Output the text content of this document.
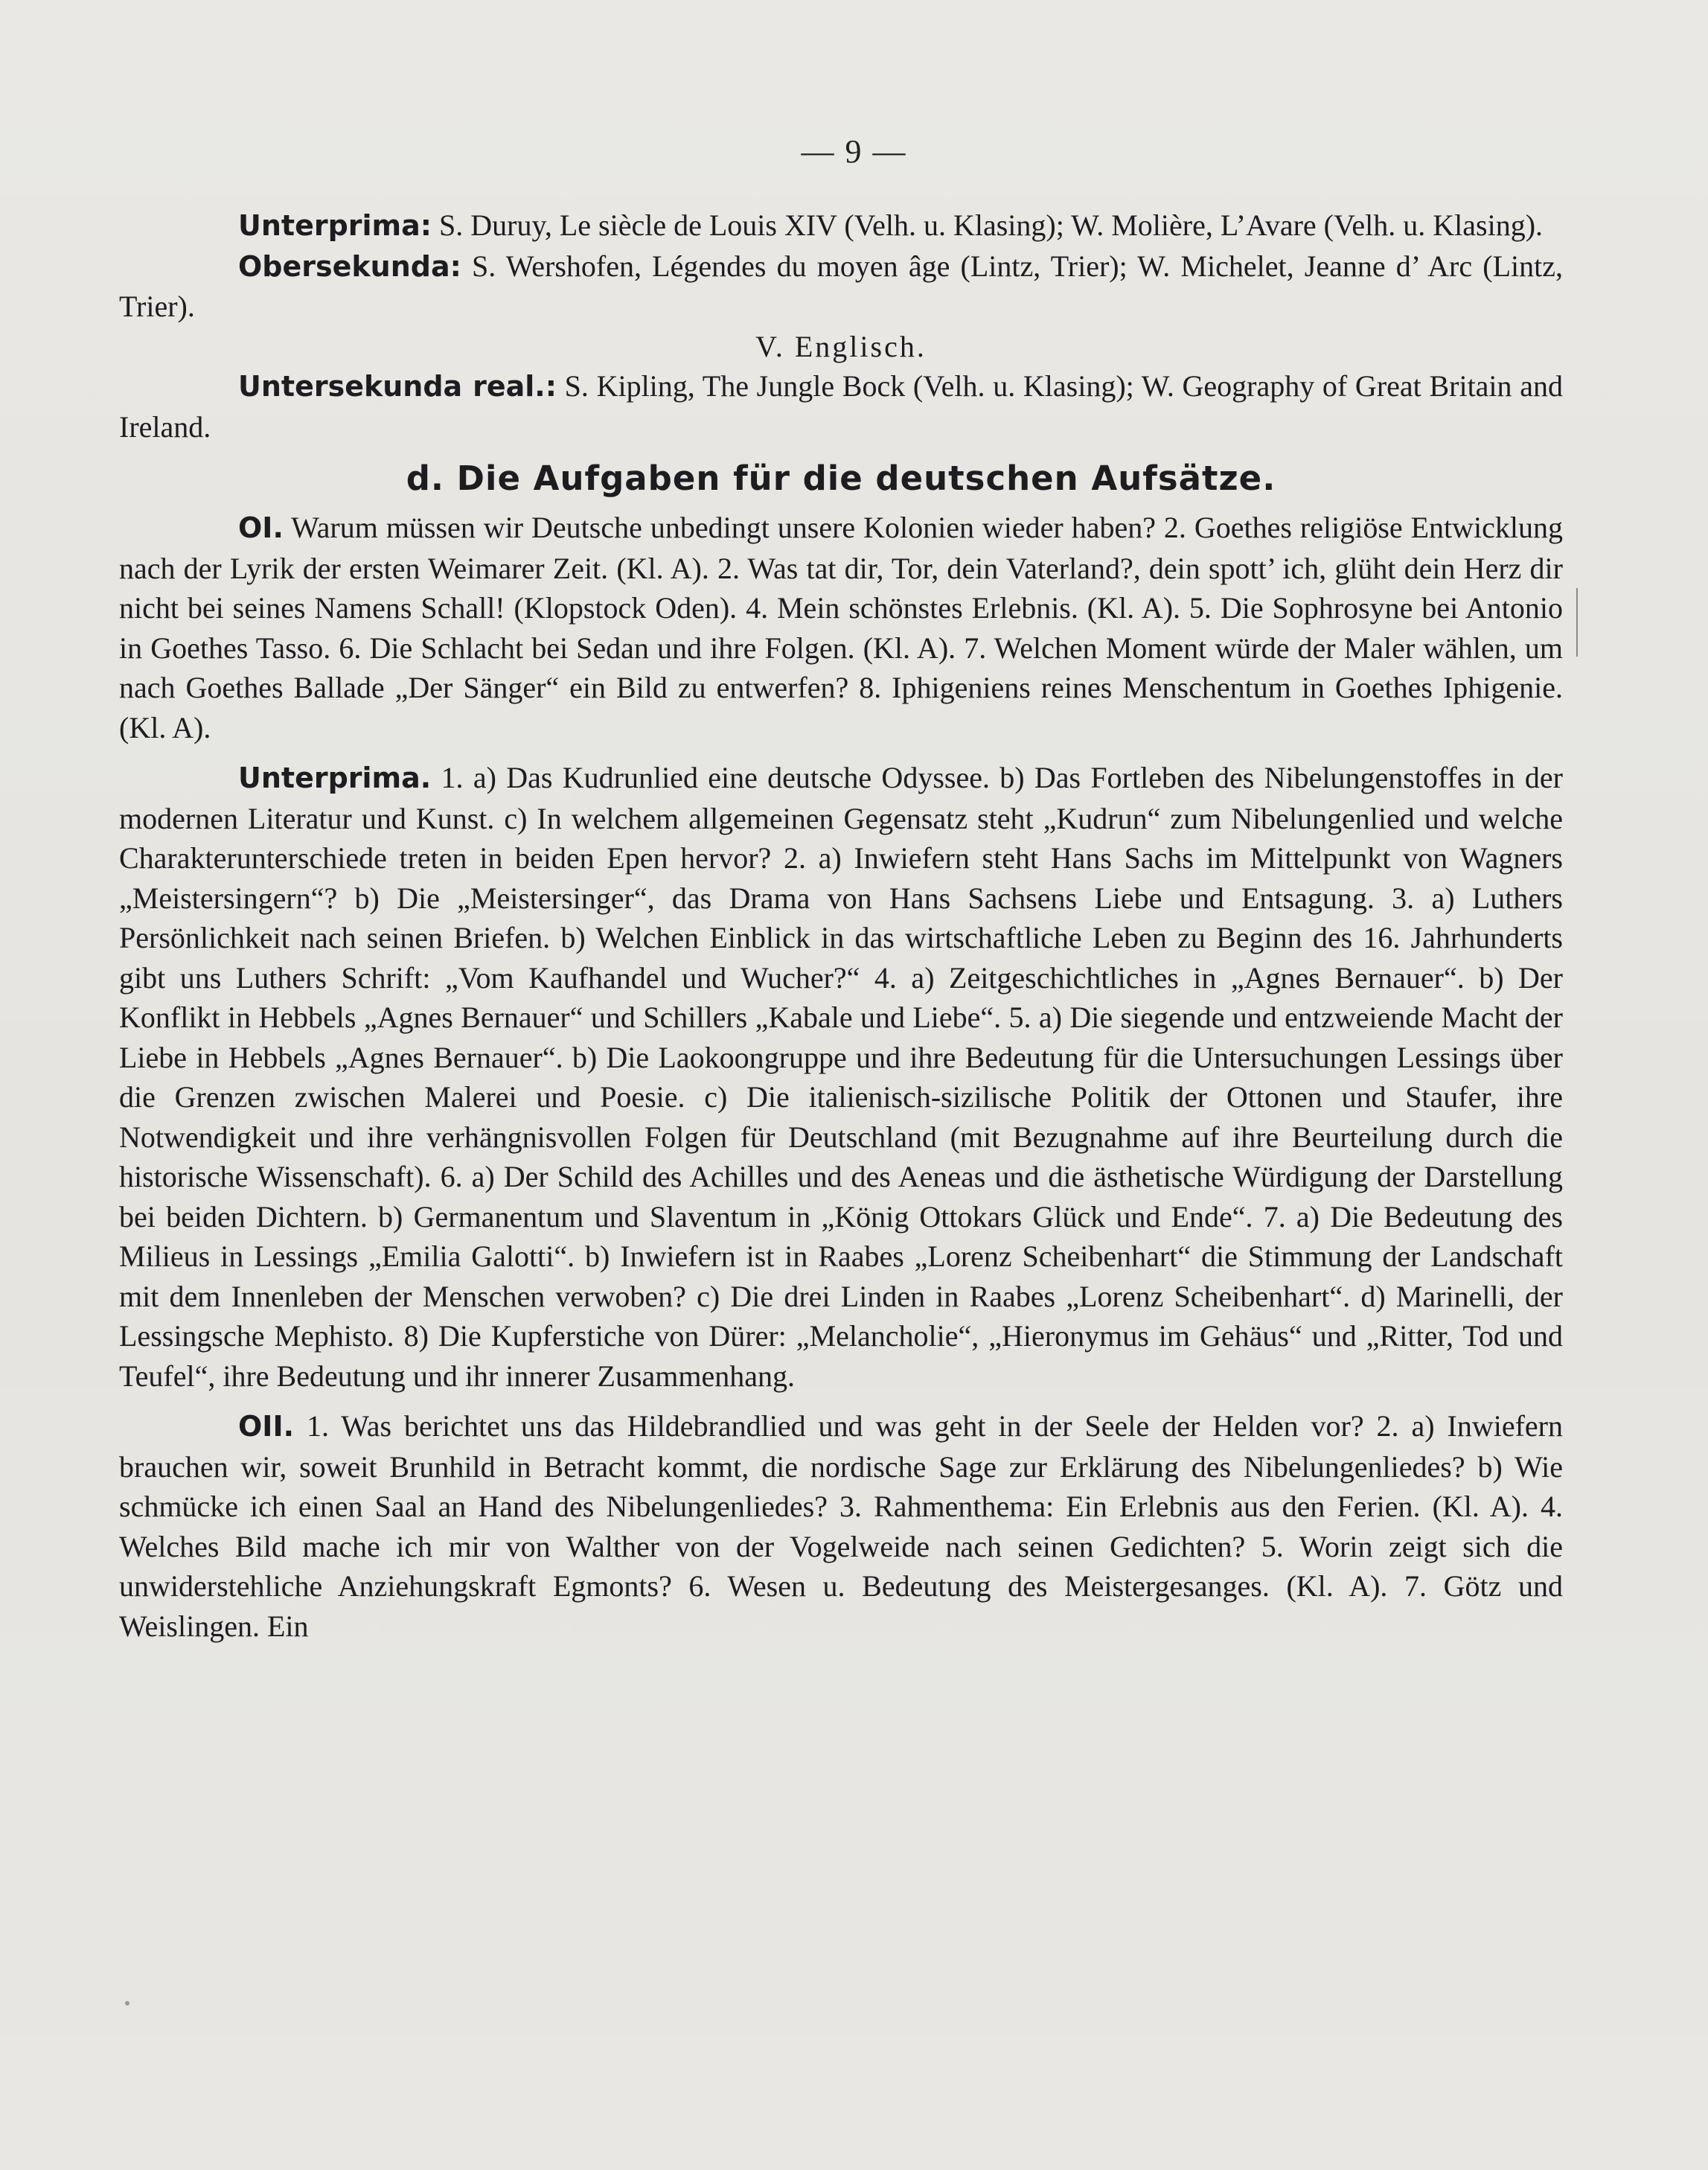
— 9 —

Unterprima: S. Duruy, Le siècle de Louis XIV (Velh. u. Klasing); W. Molière, L’Avare (Velh. u. Klasing).

Obersekunda: S. Wershofen, Légendes du moyen âge (Lintz, Trier); W. Michelet, Jeanne d’ Arc (Lintz, Trier).

V. Englisch.

Untersekunda real.: S. Kipling, The Jungle Bock (Velh. u. Klasing); W. Geography of Great Britain and Ireland.

d. Die Aufgaben für die deutschen Aufsätze.

OI. Warum müssen wir Deutsche unbedingt unsere Kolonien wieder haben? 2. Goethes religiöse Entwicklung nach der Lyrik der ersten Weimarer Zeit. (Kl. A). 2. Was tat dir, Tor, dein Vaterland?, dein spott’ ich, glüht dein Herz dir nicht bei seines Namens Schall! (Klopstock Oden). 4. Mein schönstes Erlebnis. (Kl. A). 5. Die Sophrosyne bei Antonio in Goethes Tasso. 6. Die Schlacht bei Sedan und ihre Folgen. (Kl. A). 7. Welchen Moment würde der Maler wählen, um nach Goethes Ballade „Der Sänger“ ein Bild zu entwerfen? 8. Iphigeniens reines Menschentum in Goethes Iphigenie. (Kl. A).

Unterprima. 1. a) Das Kudrunlied eine deutsche Odyssee. b) Das Fortleben des Nibelungenstoffes in der modernen Literatur und Kunst. c) In welchem allgemeinen Gegensatz steht „Kudrun“ zum Nibelungenlied und welche Charakterunterschiede treten in beiden Epen hervor? 2. a) Inwiefern steht Hans Sachs im Mittelpunkt von Wagners „Meistersingern“? b) Die „Meistersinger“, das Drama von Hans Sachsens Liebe und Entsagung. 3. a) Luthers Persönlichkeit nach seinen Briefen. b) Welchen Einblick in das wirtschaftliche Leben zu Beginn des 16. Jahrhunderts gibt uns Luthers Schrift: „Vom Kaufhandel und Wucher?“ 4. a) Zeitgeschichtliches in „Agnes Bernauer“. b) Der Konflikt in Hebbels „Agnes Bernauer“ und Schillers „Kabale und Liebe“. 5. a) Die siegende und entzweiende Macht der Liebe in Hebbels „Agnes Bernauer“. b) Die Laokoongruppe und ihre Bedeutung für die Untersuchungen Lessings über die Grenzen zwischen Malerei und Poesie. c) Die italienisch-sizilische Politik der Ottonen und Staufer, ihre Notwendigkeit und ihre verhängnisvollen Folgen für Deutschland (mit Bezugnahme auf ihre Beurteilung durch die historische Wissenschaft). 6. a) Der Schild des Achilles und des Aeneas und die ästhetische Würdigung der Darstellung bei beiden Dichtern. b) Germanentum und Slaventum in „König Ottokars Glück und Ende“. 7. a) Die Bedeutung des Milieus in Lessings „Emilia Galotti“. b) Inwiefern ist in Raabes „Lorenz Scheibenhart“ die Stimmung der Landschaft mit dem Innenleben der Menschen verwoben? c) Die drei Linden in Raabes „Lorenz Scheibenhart“. d) Marinelli, der Lessingsche Mephisto. 8) Die Kupferstiche von Dürer: „Melancholie“, „Hieronymus im Gehäus“ und „Ritter, Tod und Teufel“, ihre Bedeutung und ihr innerer Zusammenhang.

OII. 1. Was berichtet uns das Hildebrandlied und was geht in der Seele der Helden vor? 2. a) Inwiefern brauchen wir, soweit Brunhild in Betracht kommt, die nordische Sage zur Erklärung des Nibelungenliedes? b) Wie schmücke ich einen Saal an Hand des Nibelungenliedes? 3. Rahmenthema: Ein Erlebnis aus den Ferien. (Kl. A). 4. Welches Bild mache ich mir von Walther von der Vogelweide nach seinen Gedichten? 5. Worin zeigt sich die unwiderstehliche Anziehungskraft Egmonts? 6. Wesen u. Bedeutung des Meistergesanges. (Kl. A). 7. Götz und Weislingen. Ein
